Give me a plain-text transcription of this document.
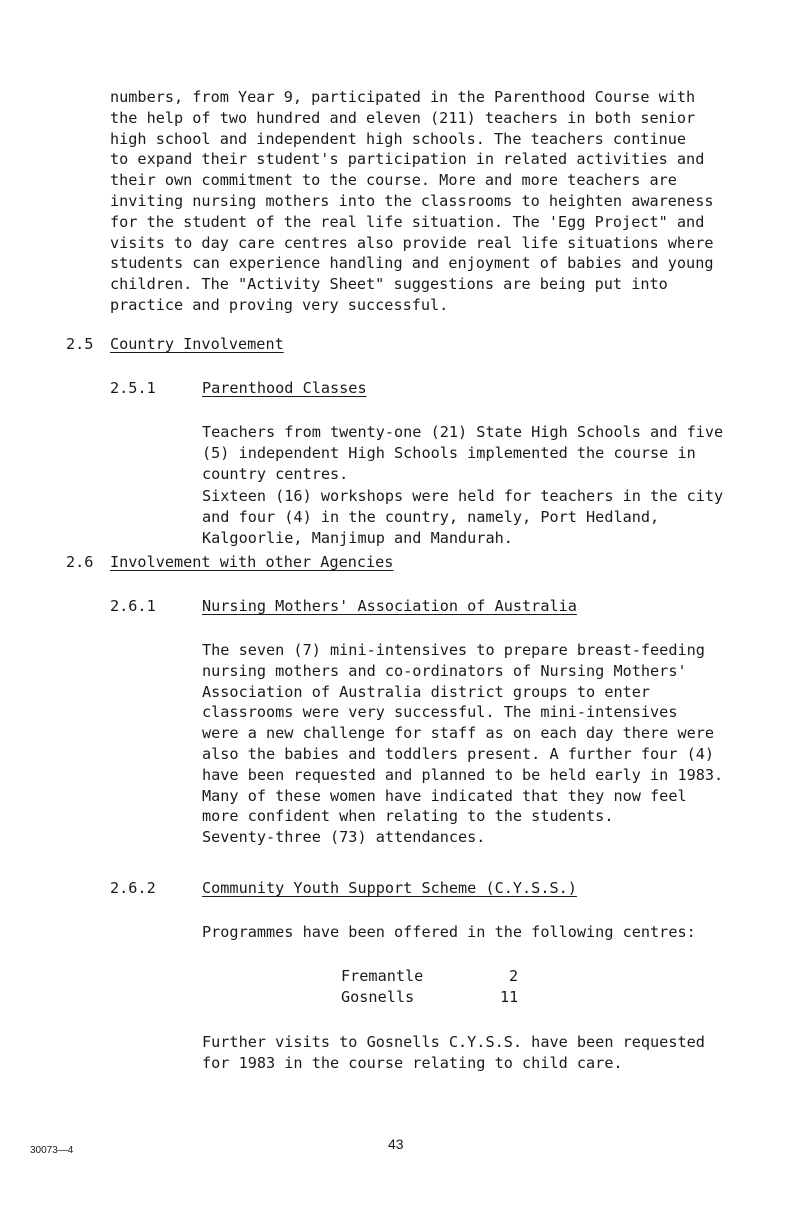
numbers, from Year 9, participated in the Parenthood Course with
the help of two hundred and eleven (211) teachers in both senior
high school and independent high schools. The teachers continue
to expand their student's participation in related activities and
their own commitment to the course. More and more teachers are
inviting nursing mothers into the classrooms to heighten awareness
for the student of the real life situation. The 'Egg Project" and
visits to day care centres also provide real life situations where
students can experience handling and enjoyment of babies and young
children. The "Activity Sheet" suggestions are being put into
practice and proving very successful.
2.5 Country Involvement
2.5.1	Parenthood Classes
Teachers from twenty-one (21) State High Schools and five
(5) independent High Schools implemented the course in
country centres.
Sixteen (16) workshops were held for teachers in the city
and four (4) in the country, namely, Port Hedland,
Kalgoorlie, Manjimup and Mandurah.
2.6 Involvement with other Agencies
2.6.1	Nursing Mothers' Association of Australia
The seven (7) mini-intensives to prepare breast-feeding
nursing mothers and co-ordinators of Nursing Mothers'
Association of Australia district groups to enter
classrooms were very successful. The mini-intensives
were a new challenge for staff as on each day there were
also the babies and toddlers present. A further four (4)
have been requested and planned to be held early in 1983.
Many of these women have indicated that they now feel
more confident when relating to the students.
Seventy-three (73) attendances.
2.6.2	Community Youth Support Scheme (C.Y.S.S.)
Programmes have been offered in the following centres:
Fremantle	2
Gosnells	11
Further visits to Gosnells C.Y.S.S. have been requested
for 1983 in the course relating to child care.
30073—4	43
